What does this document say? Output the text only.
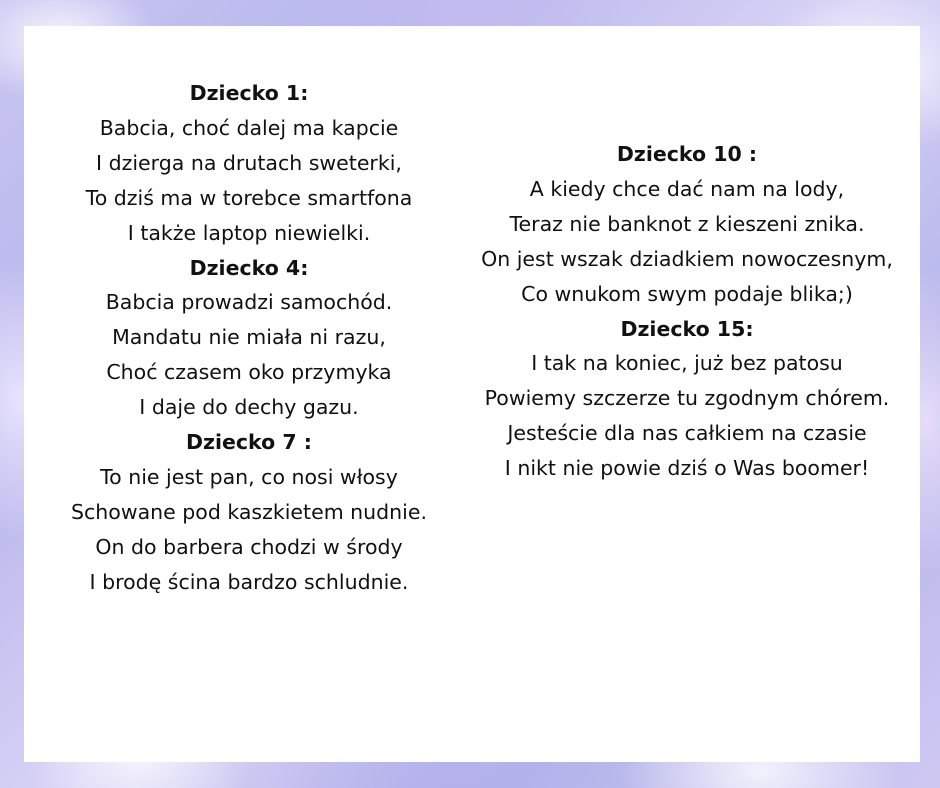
Dziecko 1:
Babcia, choć dalej ma kapcie
I dzierga na drutach sweterki,
To dziś ma w torebce smartfona
I także laptop niewielki.
Dziecko 4:
Babcia prowadzi samochód.
Mandatu nie miała ni razu,
Choć czasem oko przymyka
I daje do dechy gazu.
Dziecko 7 :
To nie jest pan, co nosi włosy
Schowane pod kaszkietem nudnie.
On do barbera chodzi w środy
I brodę ścina bardzo schludnie.
Dziecko 10 :
A kiedy chce dać nam na lody,
Teraz nie banknot z kieszeni znika.
On jest wszak dziadkiem nowoczesnym,
Co wnukom swym podaje blika;)
Dziecko 15:
I tak na koniec, już bez patosu
Powiemy szczerze tu zgodnym chórem.
Jesteście dla nas całkiem na czasie
I nikt nie powie dziś o Was boomer!
